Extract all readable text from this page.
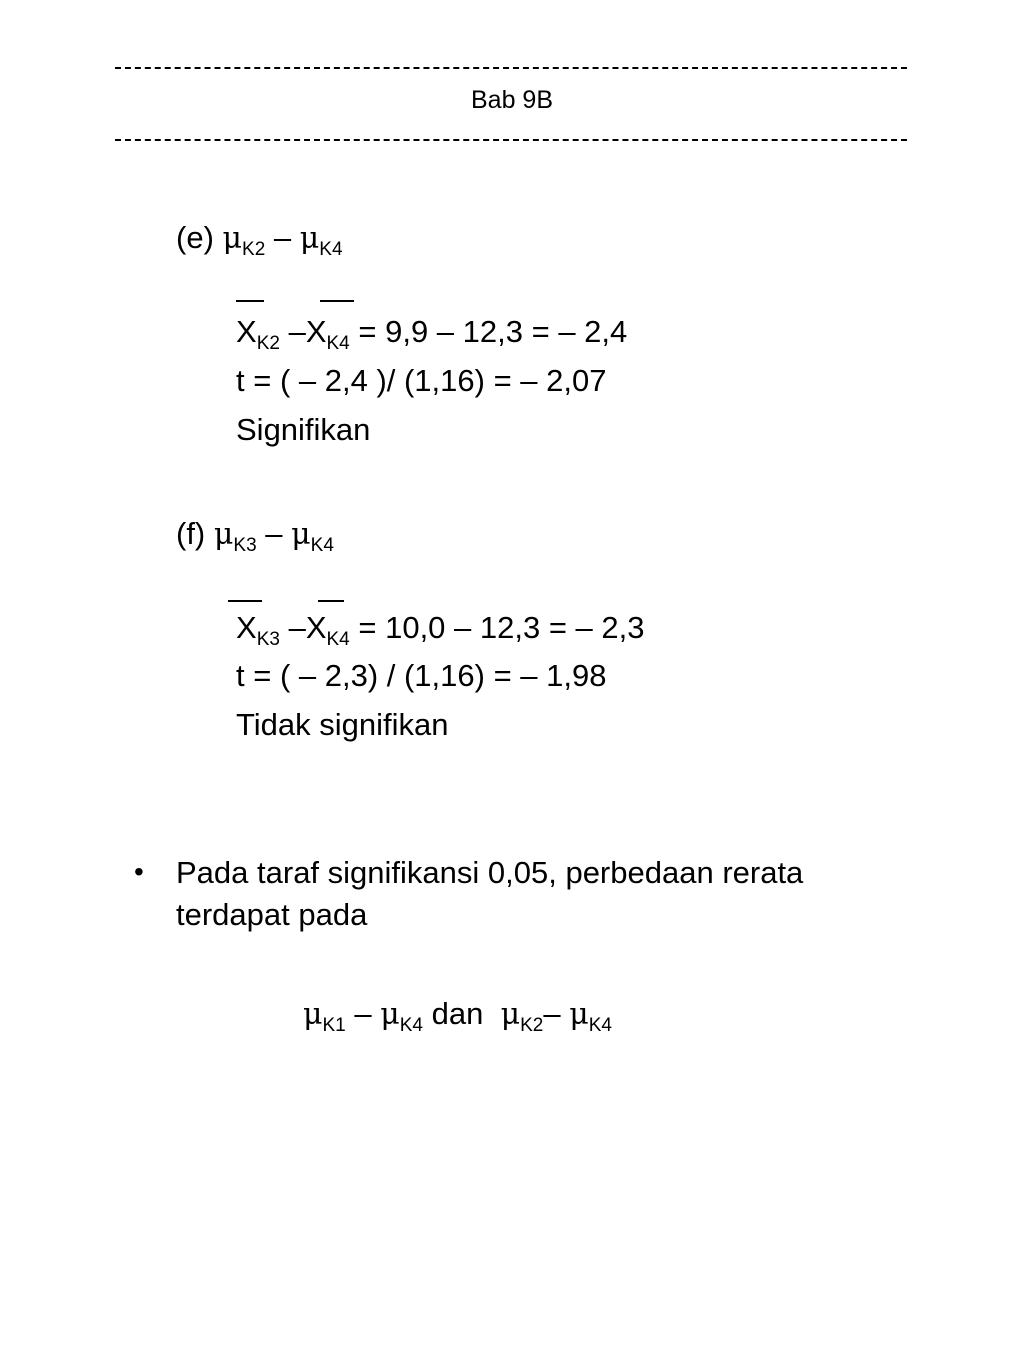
Bab 9B
(e) $\mu_{K2} - \mu_{K4}$
$X_{K2}$ $-X_{K4} = 9,9 - 12,3$ = – 2,4
t = ( – 2,4 )/ (1,16) = – 2,07
Signifikan
(f) $\mu_{K3} - \mu_{K4}$
$X_{K3}$ $-X_{K4} = 10,0 - 12,3$ = – 2,3
t = ( – 2,3) / (1,16) = – 1,98
Tidak signifikan
• Pada taraf signifikansi 0,05, perbedaan rerata
terdapat pada
$\mu_{K1} - \mu_{K4}$ dan $\mu_{K2}-$ $\mu_{K4}$
